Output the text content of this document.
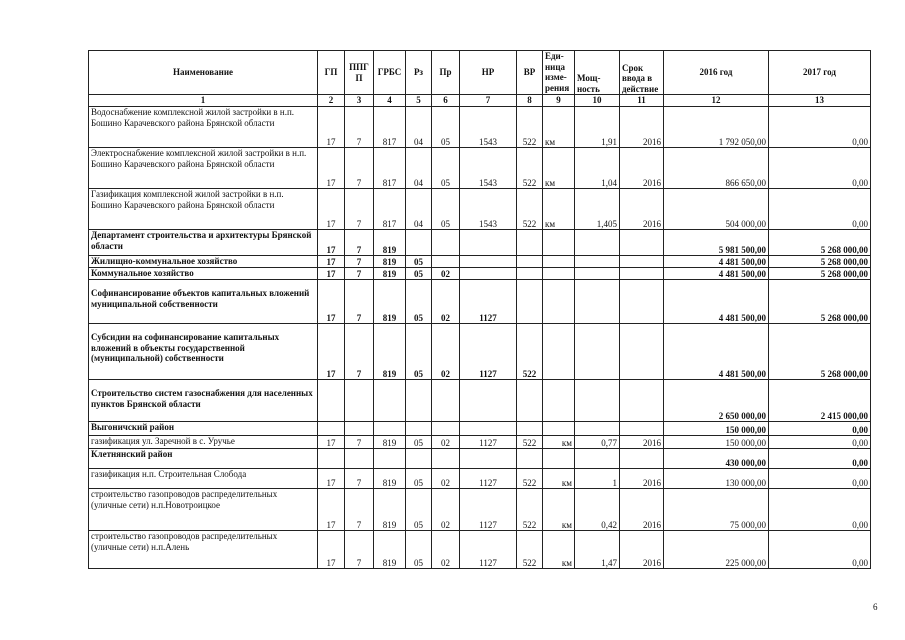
Наименование	ГП	ППГ П	ГРБС	Рз	Пр	НР	ВР	Еди- ница изме- рения	Мощ- ность	Срок ввода в действие	2016 год	2017 год
1	2	3	4	5	6	7	8	9	10	11	12	13
Водоснабжение комплексной жилой застройки в н.п. Бошино Карачевского района Брянской области	17	7	817	04	05	1543	522	км	1,91	2016	1 792 050,00	0,00
Электроснабжение комплексной жилой застройки в н.п. Бошино Карачевского района Брянской области	17	7	817	04	05	1543	522	км	1,04	2016	866 650,00	0,00
Газификация комплексной жилой застройки в н.п. Бошино Карачевского района Брянской области	17	7	817	04	05	1543	522	км	1,405	2016	504 000,00	0,00
Департамент строительства и архитектуры Брянской области	17	7	819								5 981 500,00	5 268 000,00
Жилищно-коммунальное хозяйство	17	7	819	05							4 481 500,00	5 268 000,00
Коммунальное хозяйство	17	7	819	05	02						4 481 500,00	5 268 000,00
Софинансирование объектов капитальных вложений муниципальной собственности	17	7	819	05	02	1127					4 481 500,00	5 268 000,00
Субсидии на софинансирование капитальных вложений в объекты государственной (муниципальной) собственности	17	7	819	05	02	1127	522				4 481 500,00	5 268 000,00
Строительство систем газоснабжения для населенных пунктов Брянской области											2 650 000,00	2 415 000,00
Выгоничский район											150 000,00	0,00
газификация ул. Заречной в с. Уручье	17	7	819	05	02	1127	522	км	0,77	2016	150 000,00	0,00
Клетнянский район											430 000,00	0,00
газификация н.п. Строительная Слобода	17	7	819	05	02	1127	522	км	1	2016	130 000,00	0,00
строительство газопроводов распределительных (уличные сети) н.п.Новотроицкое	17	7	819	05	02	1127	522	км	0,42	2016	75 000,00	0,00
строительство газопроводов распределительных (уличные сети) н.п.Алень	17	7	819	05	02	1127	522	км	1,47	2016	225 000,00	0,00
6
